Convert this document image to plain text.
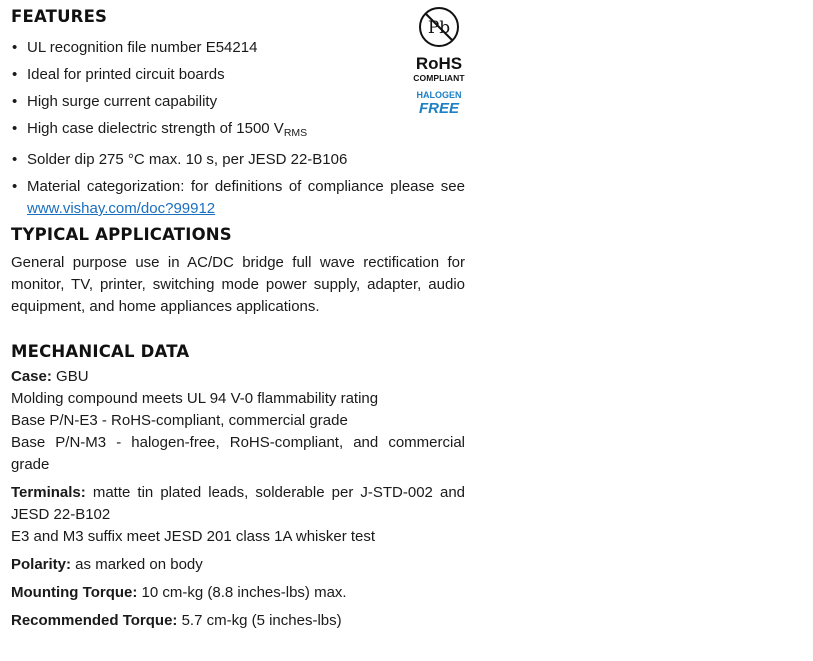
FEATURES
• UL recognition file number E54214
• Ideal for printed circuit boards
• High surge current capability
• High case dielectric strength of 1500 $V_{RMS}$
• Solder dip 275 °C max. 10 s, per JESD 22-B106
• Material categorization: for definitions of compliance please see www.vishay.com/doc?99912
TYPICAL APPLICATIONS

General purpose use in AC/DC bridge full wave rectification for monitor, TV, printer, switching mode power supply, adapter, audio equipment, and home appliances applications.

MECHANICAL DATA

Case: GBU

Molding compound meets UL 94 V-0 flammability rating

Base P/N-E3 - RoHS-compliant, commercial grade

Base P/N-M3 - halogen-free, RoHS-compliant, and commercial grade

Terminals: matte tin plated leads, solderable per J-STD-002 and JESD 22-B102

E3 and M3 suffix meet JESD 201 class 1A whisker test

Polarity: as marked on body

Mounting Torque: 10 cm-kg (8.8 inches-lbs) max.

Recommended Torque: 5.7 cm-kg (5 inches-lbs)

Pb
RoHS
COMPLIANT
HALOGEN
FREE
